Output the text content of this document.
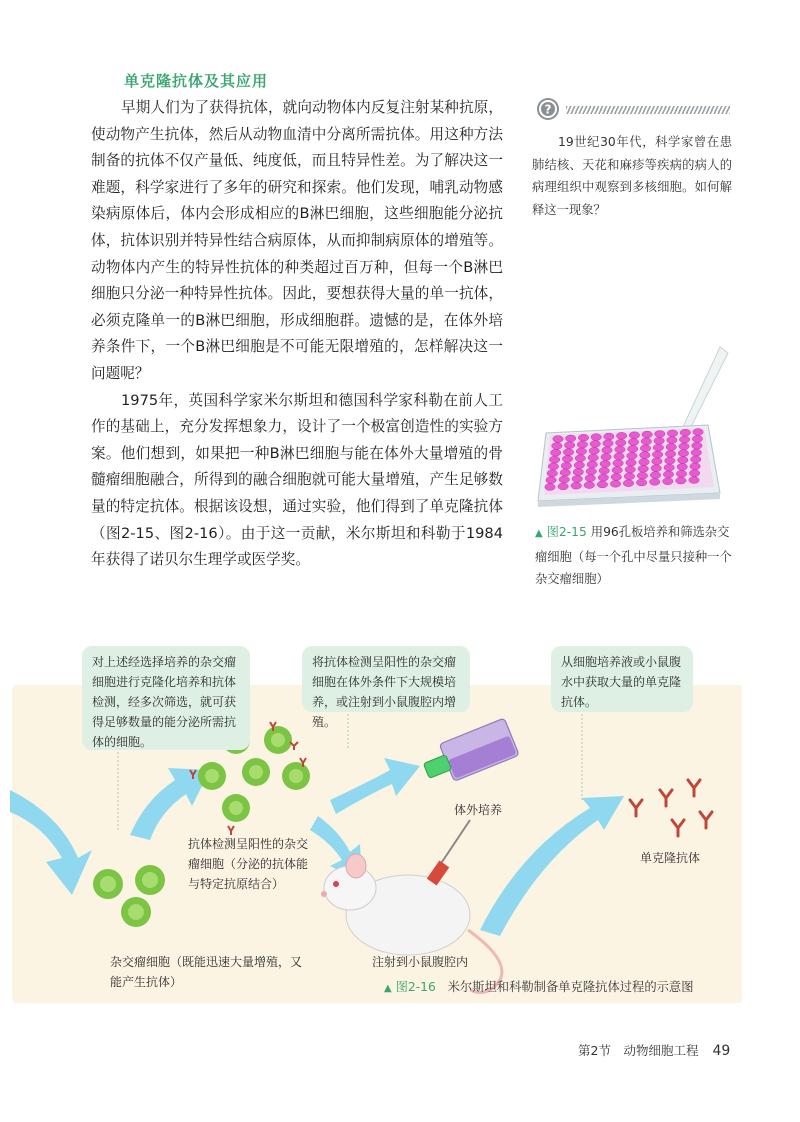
单克隆抗体及其应用

早期人们为了获得抗体，就向动物体内反复注射某种抗原，使动物产生抗体，然后从动物血清中分离所需抗体。用这种方法制备的抗体不仅产量低、纯度低，而且特异性差。为了解决这一难题，科学家进行了多年的研究和探索。他们发现，哺乳动物感染病原体后，体内会形成相应的B淋巴细胞，这些细胞能分泌抗体，抗体识别并特异性结合病原体，从而抑制病原体的增殖等。动物体内产生的特异性抗体的种类超过百万种，但每一个B淋巴细胞只分泌一种特异性抗体。因此，要想获得大量的单一抗体，必须克隆单一的B淋巴细胞，形成细胞群。遗憾的是，在体外培养条件下，一个B淋巴细胞是不可能无限增殖的，怎样解决这一问题呢？

1975年，英国科学家米尔斯坦和德国科学家科勒在前人工作的基础上，充分发挥想象力，设计了一个极富创造性的实验方案。他们想到，如果把一种B淋巴细胞与能在体外大量增殖的骨髓瘤细胞融合，所得到的融合细胞就可能大量增殖，产生足够数量的特定抗体。根据该设想，通过实验，他们得到了单克隆抗体（图2-15、图2-16）。由于这一贡献，米尔斯坦和科勒于1984年获得了诺贝尔生理学或医学奖。

?
19世纪30年代，科学家曾在患肺结核、天花和麻疹等疾病的病人的病理组织中观察到多核细胞。如何解释这一现象？
▲ 图2-15 用96孔板培养和筛选杂交瘤细胞（每一个孔中尽量只接种一个杂交瘤细胞）
对上述经选择培养的杂交瘤细胞进行克隆化培养和抗体检测，经多次筛选，就可获得足够数量的能分泌所需抗体的细胞。
将抗体检测呈阳性的杂交瘤细胞在体外条件下大规模培养，或注射到小鼠腹腔内增殖。
从细胞培养液或小鼠腹水中获取大量的单克隆抗体。
抗体检测呈阳性的杂交瘤细胞（分泌的抗体能与特定抗原结合）
杂交瘤细胞（既能迅速大量增殖，又能产生抗体）
体外培养
单克隆抗体
注射到小鼠腹腔内
▲ 图2-16 米尔斯坦和科勒制备单克隆抗体过程的示意图
第2节　动物细胞工程 49
